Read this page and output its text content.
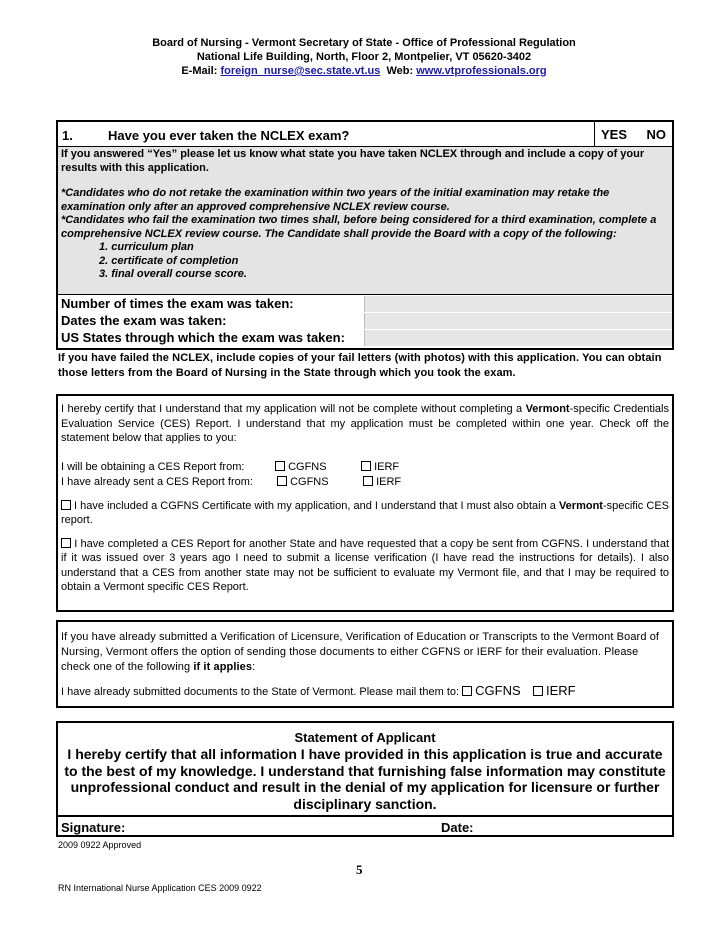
Board of Nursing - Vermont Secretary of State - Office of Professional Regulation
National Life Building, North, Floor 2, Montpelier, VT 05620-3402
E-Mail: foreign_nurse@sec.state.vt.us Web: www.vtprofessionals.org
1.	Have you ever taken the NCLEX exam?	YES NO

If you answered “Yes” please let us know what state you have taken NCLEX through and include a copy of your results with this application.

*Candidates who do not retake the examination within two years of the initial examination may retake the examination only after an approved comprehensive NCLEX review course.

*Candidates who fail the examination two times shall, before being considered for a third examination, complete a comprehensive NCLEX review course. The Candidate shall provide the Board with a copy of the following:

1. curriculum plan

2. certificate of completion

3. final overall course score.

Number of times the exam was taken:
Dates the exam was taken:
US States through which the exam was taken:
If you have failed the NCLEX, include copies of your fail letters (with photos) with this application. You can obtain those letters from the Board of Nursing in the State through which you took the exam.

I hereby certify that I understand that my application will not be complete without completing a Vermont-specific Credentials Evaluation Service (CES) Report. I understand that my application must be completed within one year. Check off the statement below that applies to you:

I will be obtaining a CES Report from:	CGFNS	IERF
I have already sent a CES Report from:	CGFNS	IERF

I have included a CGFNS Certificate with my application, and I understand that I must also obtain a Vermont-specific CES report.

I have completed a CES Report for another State and have requested that a copy be sent from CGFNS. I understand that if it was issued over 3 years ago I need to submit a license verification (I have read the instructions for details). I also understand that a CES from another state may not be sufficient to evaluate my Vermont file, and that I may be required to obtain a Vermont specific CES Report.

If you have already submitted a Verification of Licensure, Verification of Education or Transcripts to the Vermont Board of Nursing, Vermont offers the option of sending those documents to either CGFNS or IERF for their evaluation. Please check one of the following if it applies:

I have already submitted documents to the State of Vermont. Please mail them to: CGFNS IERF
Statement of Applicant
I hereby certify that all information I have provided in this application is true and accurate to the best of my knowledge. I understand that furnishing false information may constitute unprofessional conduct and result in the denial of my application for licensure or further disciplinary sanction.
Signature:	Date:
2009 0922 Approved
5
RN International Nurse Application CES 2009 0922
